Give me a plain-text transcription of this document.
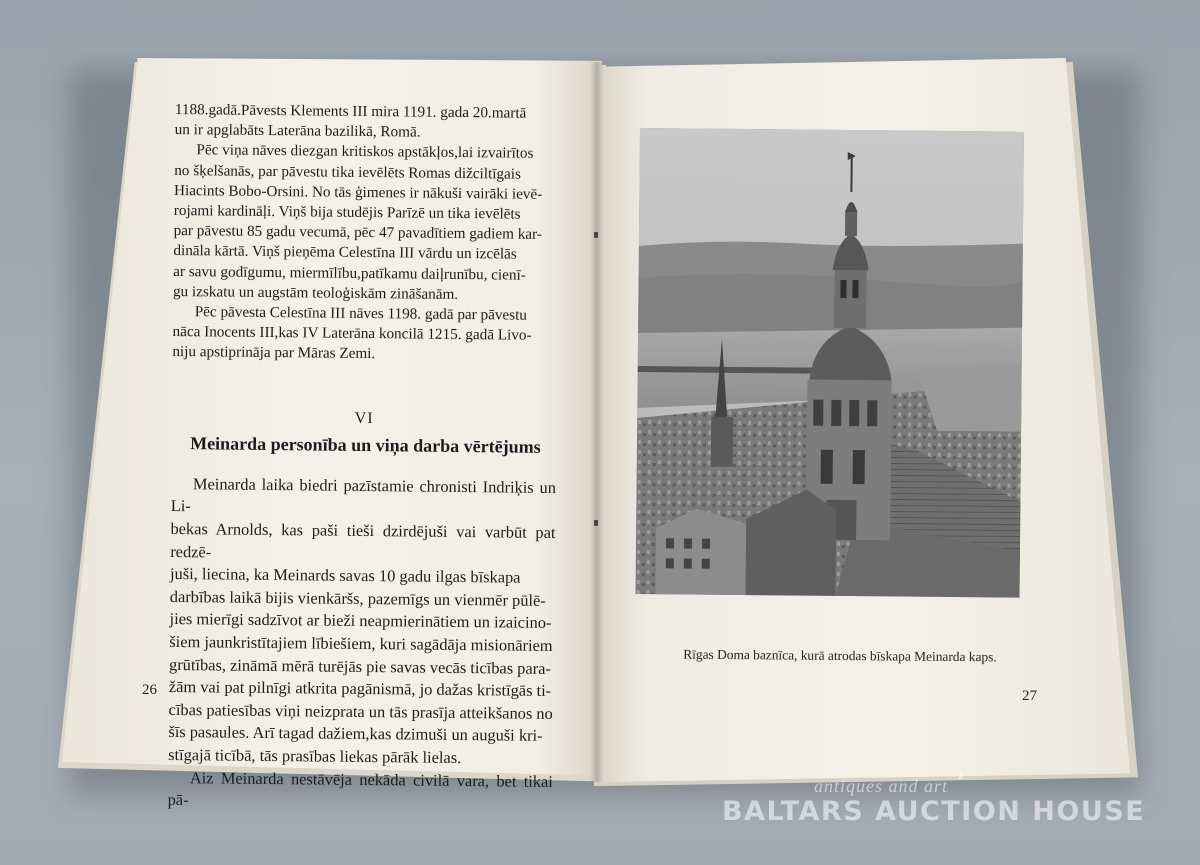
1188.gadā.Pāvests Klements III mira 1191. gada 20.martā

un ir apglabāts Laterāna bazilikā, Romā.

Pēc viņa nāves diezgan kritiskos apstākļos,lai izvairītos

no šķelšanās, par pāvestu tika ievēlēts Romas dižciltīgais

Hiacints Bobo-Orsini. No tās ģimenes ir nākuši vairāki ievē-

rojami kardināļi. Viņš bija studējis Parīzē un tika ievēlēts

par pāvestu 85 gadu vecumā, pēc 47 pavadītiem gadiem kar-

dināla kārtā. Viņš pieņēma Celestīna III vārdu un izcēlās

ar savu godīgumu, miermīlību,patīkamu daiļrunību, cienī-

gu izskatu un augstām teoloģiskām zināšanām.

Pēc pāvesta Celestīna III nāves 1198. gadā par pāvestu

nāca Inocents III,kas IV Laterāna koncilā 1215. gadā Livo-

niju apstiprināja par Māras Zemi.

VI

Meinarda personība un viņa darba vērtējums

Meinarda laika biedri pazīstamie chronisti Indriķis un Li-

bekas Arnolds, kas paši tieši dzirdējuši vai varbūt pat redzē-

juši, liecina, ka Meinards savas 10 gadu ilgas bīskapa

darbības laikā bijis vienkāršs, pazemīgs un vienmēr pūlē-

jies mierīgi sadzīvot ar bieži neapmierinātiem un izaicino-

šiem jaunkristītajiem lībiešiem, kuri sagādāja misionāriem

grūtības, zināmā mērā turējās pie savas vecās ticības para-

žām vai pat pilnīgi atkrita pagānismā, jo dažas kristīgās ti-

cības patiesības viņi neizprata un tās prasīja atteikšanos no

šīs pasaules. Arī tagad dažiem,kas dzimuši un auguši kri-

stīgajā ticībā, tās prasības liekas pārāk lielas.

Aiz Meinarda nestāvēja nekāda civilā vara, bet tikai pā-

26
Rīgas Doma baznīca, kurā atrodas bīskapa Meinarda kaps.
27
antiques and art
BALTARS AUCTION HOUSE
